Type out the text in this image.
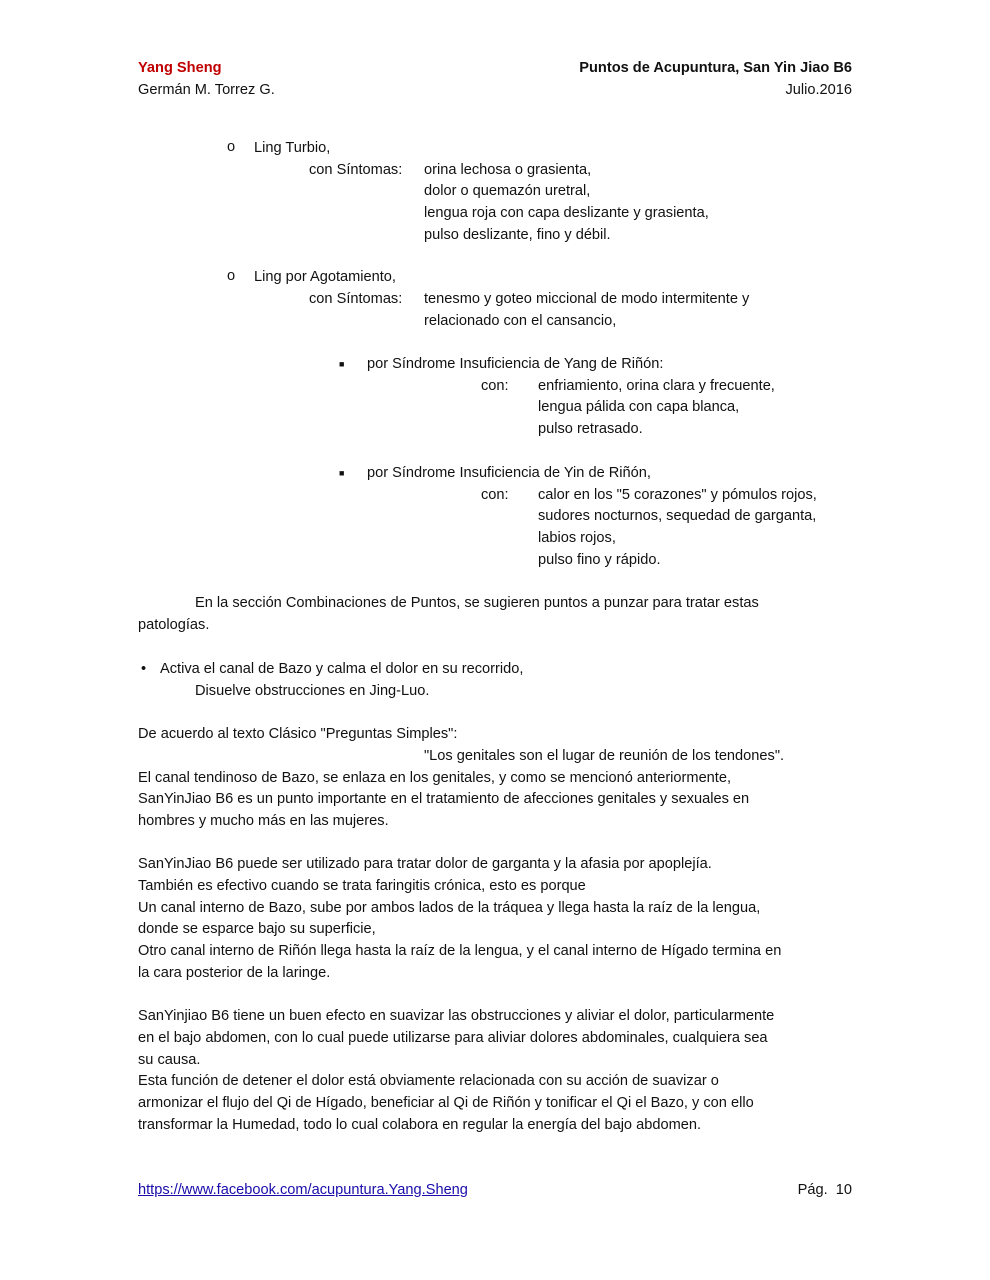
Yang Sheng
Germán M. Torrez G.
Puntos de Acupuntura, San Yin Jiao B6
Julio.2016
o Ling Turbio,
con Síntomas: orina lechosa o grasienta,
dolor o quemazón uretral,
lengua roja con capa deslizante y grasienta,
pulso deslizante, fino y débil.
o Ling por Agotamiento,
con Síntomas: tenesmo y goteo miccional de modo intermitente y
relacionado con el cansancio,
■ por Síndrome Insuficiencia de Yang de Riñón:
con: enfriamiento, orina clara y frecuente,
lengua pálida con capa blanca,
pulso retrasado.
■ por Síndrome Insuficiencia de Yin de Riñón,
con: calor en los "5 corazones" y pómulos rojos,
sudores nocturnos, sequedad de garganta,
labios rojos,
pulso fino y rápido.
En la sección Combinaciones de Puntos, se sugieren puntos a punzar para tratar estas
patologías.
• Activa el canal de Bazo y calma el dolor en su recorrido,
Disuelve obstrucciones en Jing-Luo.
De acuerdo al texto Clásico "Preguntas Simples":
"Los genitales son el lugar de reunión de los tendones".
El canal tendinoso de Bazo, se enlaza en los genitales, y como se mencionó anteriormente,
SanYinJiao B6 es un punto importante en el tratamiento de afecciones genitales y sexuales en
hombres y mucho más en las mujeres.
SanYinJiao B6 puede ser utilizado para tratar dolor de garganta y la afasia por apoplejía.
También es efectivo cuando se trata faringitis crónica, esto es porque
Un canal interno de Bazo, sube por ambos lados de la tráquea y llega hasta la raíz de la lengua,
donde se esparce bajo su superficie,
Otro canal interno de Riñón llega hasta la raíz de la lengua, y el canal interno de Hígado termina en
la cara posterior de la laringe.
SanYinjiao B6 tiene un buen efecto en suavizar las obstrucciones y aliviar el dolor, particularmente
en el bajo abdomen, con lo cual puede utilizarse para aliviar dolores abdominales, cualquiera sea
su causa.
Esta función de detener el dolor está obviamente relacionada con su acción de suavizar o
armonizar el flujo del Qi de Hígado, beneficiar al Qi de Riñón y tonificar el Qi el Bazo, y con ello
transformar la Humedad, todo lo cual colabora en regular la energía del bajo abdomen.
https://www.facebook.com/acupuntura.Yang.Sheng	Pág.  10
